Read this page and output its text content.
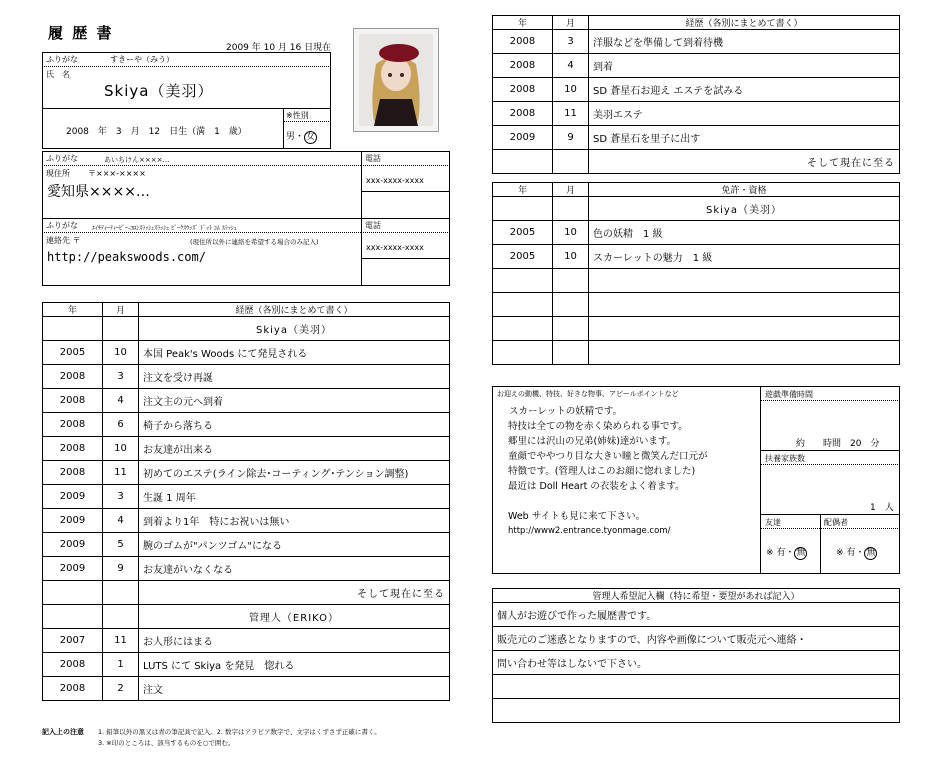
履 歴 書
2009 年 10 月 16 日現在
ふりがな	すきーや（みう）
氏　名
Skiya（美羽）
2008　年　3　月　12　日生（満　1　歳）
※性別
男・ 女
ふりがな	あいちけん××××…
現住所 〒×××-××××
愛知県××××…
電話
xxx-xxxx-xxxx
ふりがな ｴｲﾁﾃｨｰﾃｨｰﾋﾟｰ-ｺﾛﾝｽﾗｯｼｭｽﾗｯｼｭ ﾋﾟｰｸｽｳｯｽﾞ ﾄﾞｯﾄ ｺﾑ ｽﾗｯｼｭ
連絡先 〒	(現住所以外に連絡を希望する場合のみ記入)
http://peakswoods.com/
電話
xxx-xxxx-xxxx
年	月	経歴（各別にまとめて書く）
		Skiya（美羽）
2005	10	本国 Peak's Woods にて発見される
2008	3	注文を受け再誕
2008	4	注文主の元へ到着
2008	6	椅子から落ちる
2008	10	お友達が出来る
2008	11	初めてのエステ(ライン除去･コーティング･テンション調整)
2009	3	生誕 1 周年
2009	4	到着より1年　特にお祝いは無い
2009	5	腕のゴムが"パンツゴム"になる
2009	9	お友達がいなくなる
		そして現在に至る
		管理人（ERIKO）
2007	11	お人形にはまる
2008	1	LUTS にて Skiya を発見　惚れる
2008	2	注文
記入上の注意 1. 鉛筆以外の黒又は青の筆記具で記入。2. 数字はアラビア数字で、文字はくずさず正確に書く。
3. ※印のところは、該当するものを○で囲む。
年	月	経歴（各別にまとめて書く）
2008	3	洋服などを準備して到着待機
2008	4	到着
2008	10	SD 蒼星石お迎え エステを試みる
2008	11	美羽エステ
2009	9	SD 蒼星石を里子に出す
		そして現在に至る
年	月	免許・資格
		Skiya（美羽）
2005	10	色の妖精　1 級
2005	10	スカーレットの魅力　1 級

お迎えの動機、特技、好きな物事、アピールポイントなど
スカーレットの妖精です。
特技は全ての物を赤く染められる事です。
郷里には沢山の兄弟(姉妹)達がいます。
童顔でややつり目な大きい瞳と微笑んだ口元が
特徴です。(管理人はこのお顔に惚れました)
最近は Doll Heart の衣装をよく着ます。
Web サイトも見に来て下さい。
http://www2.entrance.tyonmage.com/
遊戯準備時間
約　　時間　20　分
扶養家族数
1　人
友達
※ 有・ 無
配偶者
※ 有・ 無
管理人希望記入欄（特に希望・要望があれば記入）
個人がお遊びで作った履歴書です。
販売元のご迷惑となりますので、内容や画像について販売元へ連絡・
問い合わせ等はしないで下さい。
